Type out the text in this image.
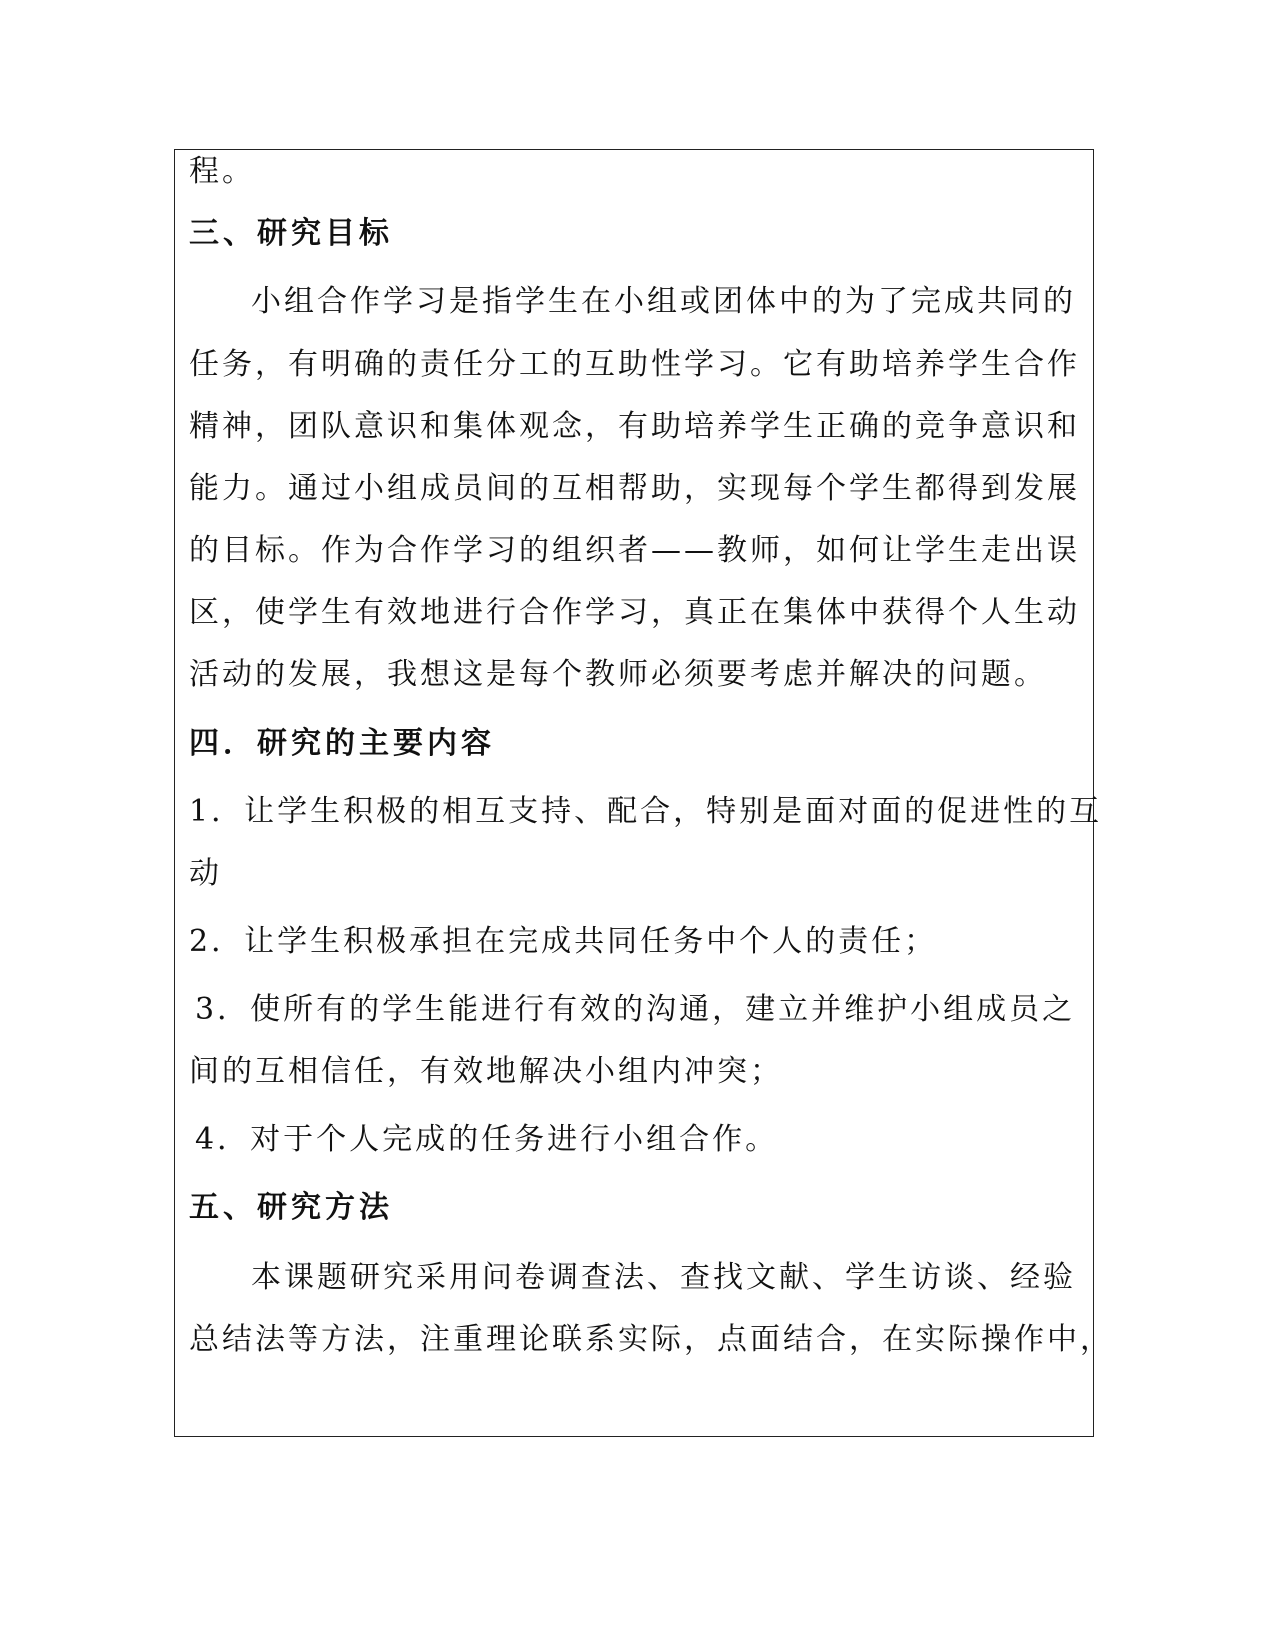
程。
三、研究目标
小组合作学习是指学生在小组或团体中的为了完成共同的
任务，有明确的责任分工的互助性学习。它有助培养学生合作
精神，团队意识和集体观念，有助培养学生正确的竞争意识和
能力。通过小组成员间的互相帮助，实现每个学生都得到发展
的目标。作为合作学习的组织者——教师，如何让学生走出误
区，使学生有效地进行合作学习，真正在集体中获得个人生动
活动的发展，我想这是每个教师必须要考虑并解决的问题。
四．研究的主要内容
1．让学生积极的相互支持、配合，特别是面对面的促进性的互
动
2．让学生积极承担在完成共同任务中个人的责任；
3．使所有的学生能进行有效的沟通，建立并维护小组成员之
间的互相信任，有效地解决小组内冲突；
4．对于个人完成的任务进行小组合作。
五、研究方法
本课题研究采用问卷调查法、查找文献、学生访谈、经验
总结法等方法，注重理论联系实际，点面结合，在实际操作中，
